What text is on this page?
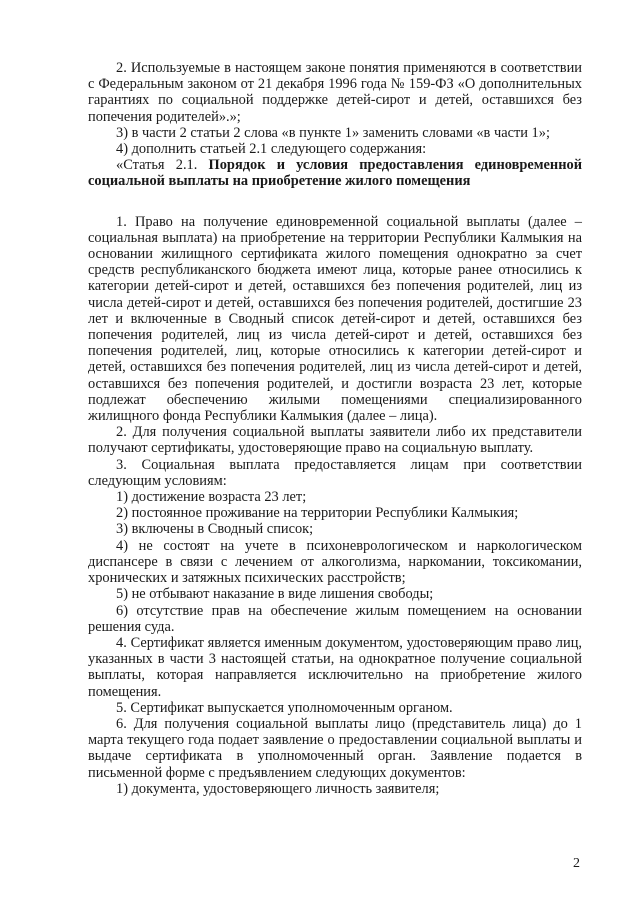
2. Используемые в настоящем законе понятия применяются в соответствии с Федеральным законом от 21 декабря 1996 года № 159-ФЗ «О дополнительных гарантиях по социальной поддержке детей-сирот и детей, оставшихся без попечения родителей».»;

3) в части 2 статьи 2 слова «в пункте 1» заменить словами «в части 1»;

4) дополнить статьей 2.1 следующего содержания:

«Статья 2.1. Порядок и условия предоставления единовременной социальной выплаты на приобретение жилого помещения

1. Право на получение единовременной социальной выплаты (далее – социальная выплата) на приобретение на территории Республики Калмыкия на основании жилищного сертификата жилого помещения однократно за счет средств республиканского бюджета имеют лица, которые ранее относились к категории детей-сирот и детей, оставшихся без попечения родителей, лиц из числа детей-сирот и детей, оставшихся без попечения родителей, достигшие 23 лет и включенные в Сводный список детей-сирот и детей, оставшихся без попечения родителей, лиц из числа детей-сирот и детей, оставшихся без попечения родителей, лиц, которые относились к категории детей-сирот и детей, оставшихся без попечения родителей, лиц из числа детей-сирот и детей, оставшихся без попечения родителей, и достигли возраста 23 лет, которые подлежат обеспечению жилыми помещениями специализированного жилищного фонда Республики Калмыкия (далее – лица).

2. Для получения социальной выплаты заявители либо их представители получают сертификаты, удостоверяющие право на социальную выплату.

3. Социальная выплата предоставляется лицам при соответствии следующим условиям:

1) достижение возраста 23 лет;

2) постоянное проживание на территории Республики Калмыкия;

3) включены в Сводный список;

4) не состоят на учете в психоневрологическом и наркологическом диспансере в связи с лечением от алкоголизма, наркомании, токсикомании, хронических и затяжных психических расстройств;

5) не отбывают наказание в виде лишения свободы;

6) отсутствие прав на обеспечение жилым помещением на основании решения суда.

4. Сертификат является именным документом, удостоверяющим право лиц, указанных в части 3 настоящей статьи, на однократное получение социальной выплаты, которая направляется исключительно на приобретение жилого помещения.

5. Сертификат выпускается уполномоченным органом.

6. Для получения социальной выплаты лицо (представитель лица) до 1 марта текущего года подает заявление о предоставлении социальной выплаты и выдаче сертификата в уполномоченный орган. Заявление подается в письменной форме с предъявлением следующих документов:

1) документа, удостоверяющего личность заявителя;

2
